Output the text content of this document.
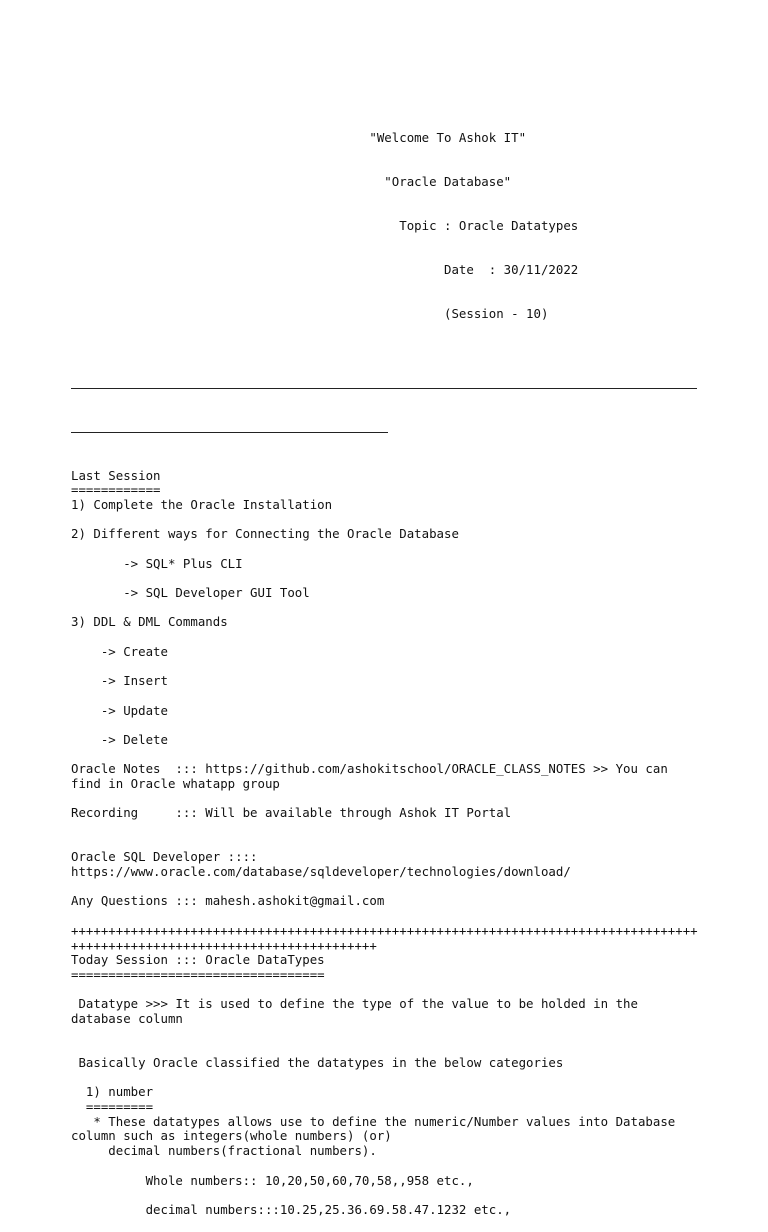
"Welcome To Ashok IT"

"Oracle Database"

Topic : Oracle Datatypes

Date  : 30/11/2022

(Session - 10)

Last Session
============
1) Complete the Oracle Installation
2) Different ways for Connecting the Oracle Database
-> SQL* Plus CLI
-> SQL Developer GUI Tool
3) DDL & DML Commands
-> Create
-> Insert
-> Update
-> Delete
Oracle Notes  ::: https://github.com/ashokitschool/ORACLE_CLASS_NOTES >> You can
find in Oracle whatapp group
Recording     ::: Will be available through Ashok IT Portal
Oracle SQL Developer ::::
https://www.oracle.com/database/sqldeveloper/technologies/download/
Any Questions ::: mahesh.ashokit@gmail.com
++++++++++++++++++++++++++++++++++++++++++++++++++++++++++++++++++++++++++++++++++++
+++++++++++++++++++++++++++++++++++++++++
Today Session ::: Oracle DataTypes
==================================
Datatype >>> It is used to define the type of the value to be holded in the
database column
Basically Oracle classified the datatypes in the below categories
1) number
=========
* These datatypes allows use to define the numeric/Number values into Database
column such as integers(whole numbers) (or)
decimal numbers(fractional numbers).
Whole numbers:: 10,20,50,60,70,58,,958 etc.,
decimal numbers:::10.25,25.36.69.58.47.1232 etc.,
